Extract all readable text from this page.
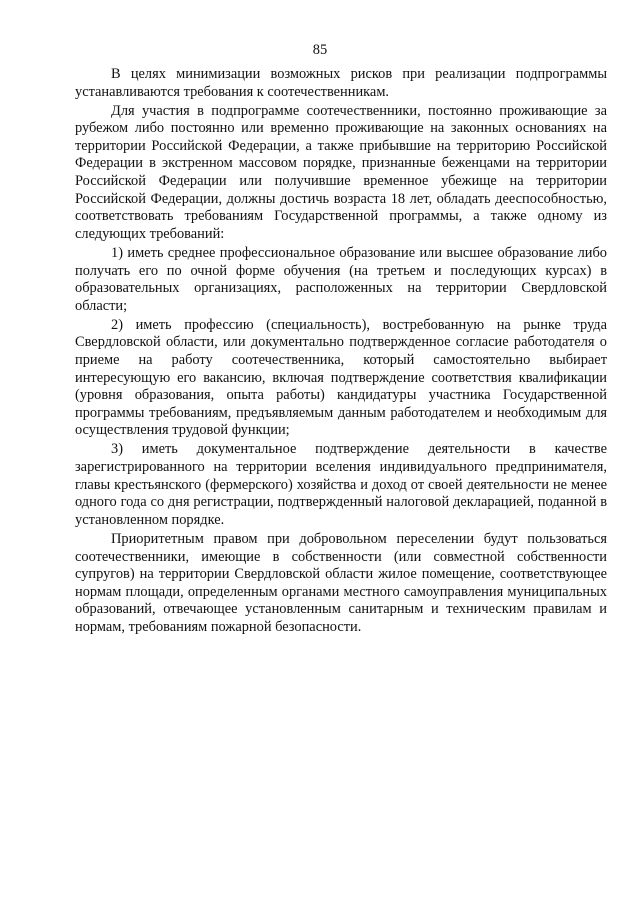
85

В целях минимизации возможных рисков при реализации подпрограммы устанавливаются требования к соотечественникам.

Для участия в подпрограмме соотечественники, постоянно проживающие за рубежом либо постоянно или временно проживающие на законных основаниях на территории Российской Федерации, а также прибывшие на территорию Российской Федерации в экстренном массовом порядке, признанные беженцами на территории Российской Федерации или получившие временное убежище на территории Российской Федерации, должны достичь возраста 18 лет, обладать дееспособностью, соответствовать требованиям Государственной программы, а также одному из следующих требований:

1) иметь среднее профессиональное образование или высшее образование либо получать его по очной форме обучения (на третьем и последующих курсах) в образовательных организациях, расположенных на территории Свердловской области;

2) иметь профессию (специальность), востребованную на рынке труда Свердловской области, или документально подтвержденное согласие работодателя о приеме на работу соотечественника, который самостоятельно выбирает интересующую его вакансию, включая подтверждение соответствия квалификации (уровня образования, опыта работы) кандидатуры участника Государственной программы требованиям, предъявляемым данным работодателем и необходимым для осуществления трудовой функции;

3) иметь документальное подтверждение деятельности в качестве зарегистрированного на территории вселения индивидуального предпринимателя, главы крестьянского (фермерского) хозяйства и доход от своей деятельности не менее одного года со дня регистрации, подтвержденный налоговой декларацией, поданной в установленном порядке.

Приоритетным правом при добровольном переселении будут пользоваться соотечественники, имеющие в собственности (или совместной собственности супругов) на территории Свердловской области жилое помещение, соответствующее нормам площади, определенным органами местного самоуправления муниципальных образований, отвечающее установленным санитарным и техническим правилам и нормам, требованиям пожарной безопасности.
